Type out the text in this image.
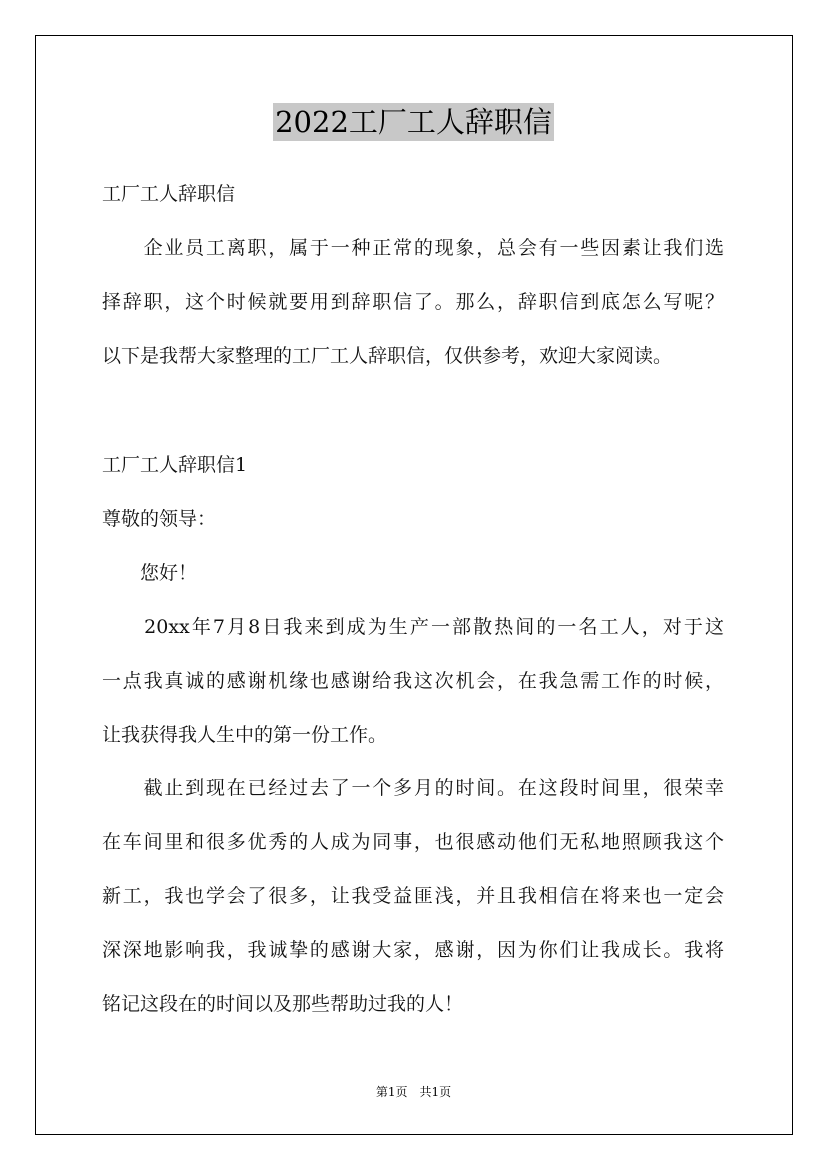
2022工厂工人辞职信
工厂工人辞职信
　　企业员工离职，属于一种正常的现象，总会有一些因素让我们选
择辞职，这个时候就要用到辞职信了。那么，辞职信到底怎么写呢？
以下是我帮大家整理的工厂工人辞职信，仅供参考，欢迎大家阅读。
工厂工人辞职信1
尊敬的领导：
　　您好！
　　20xx年7月8日我来到成为生产一部散热间的一名工人，对于这
一点我真诚的感谢机缘也感谢给我这次机会，在我急需工作的时候，
让我获得我人生中的第一份工作。
　　截止到现在已经过去了一个多月的时间。在这段时间里，很荣幸
在车间里和很多优秀的人成为同事，也很感动他们无私地照顾我这个
新工，我也学会了很多，让我受益匪浅，并且我相信在将来也一定会
深深地影响我，我诚挚的感谢大家，感谢，因为你们让我成长。我将
铭记这段在的时间以及那些帮助过我的人！
第1页　共1页
